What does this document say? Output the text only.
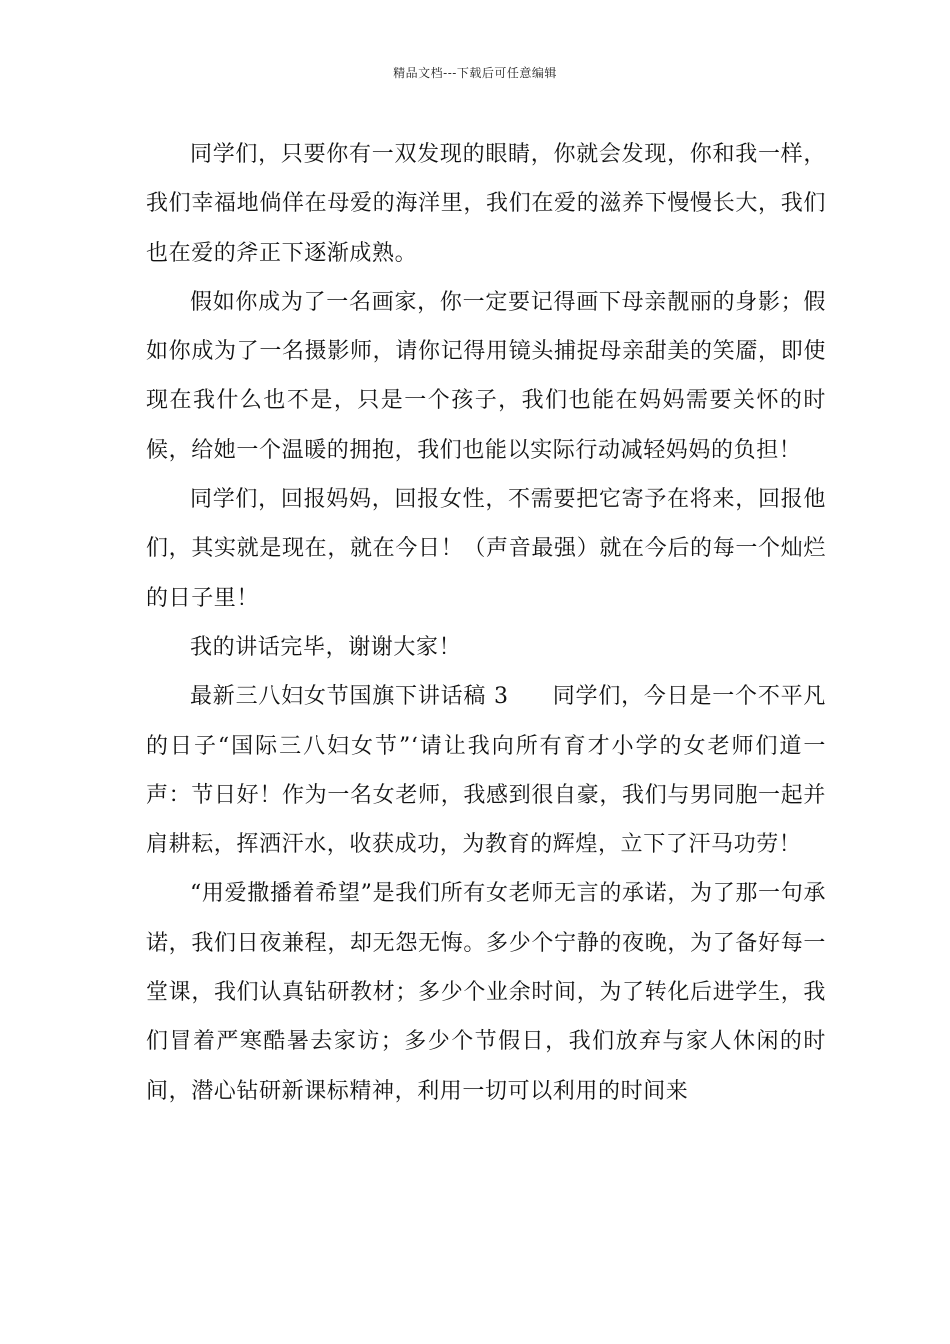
精品文档---下载后可任意编辑

同学们，只要你有一双发现的眼睛，你就会发现，你和我一样，我们幸福地倘佯在母爱的海洋里，我们在爱的滋养下慢慢长大，我们也在爱的斧正下逐渐成熟。

假如你成为了一名画家，你一定要记得画下母亲靓丽的身影；假如你成为了一名摄影师，请你记得用镜头捕捉母亲甜美的笑靥，即使现在我什么也不是，只是一个孩子，我们也能在妈妈需要关怀的时候，给她一个温暖的拥抱，我们也能以实际行动减轻妈妈的负担！

同学们，回报妈妈，回报女性，不需要把它寄予在将来，回报他们，其实就是现在，就在今日！（声音最强）就在今后的每一个灿烂的日子里！

我的讲话完毕，谢谢大家！

最新三八妇女节国旗下讲话稿 3 同学们，今日是一个不平凡的日子“国际三八妇女节”‘请让我向所有育才小学的女老师们道一声：节日好！作为一名女老师，我感到很自豪，我们与男同胞一起并肩耕耘，挥洒汗水，收获成功，为教育的辉煌，立下了汗马功劳！

“用爱撒播着希望”是我们所有女老师无言的承诺，为了那一句承诺，我们日夜兼程，却无怨无悔。多少个宁静的夜晚，为了备好每一堂课，我们认真钻研教材；多少个业余时间，为了转化后进学生，我们冒着严寒酷暑去家访；多少个节假日，我们放弃与家人休闲的时间，潜心钻研新课标精神，利用一切可以利用的时间来
